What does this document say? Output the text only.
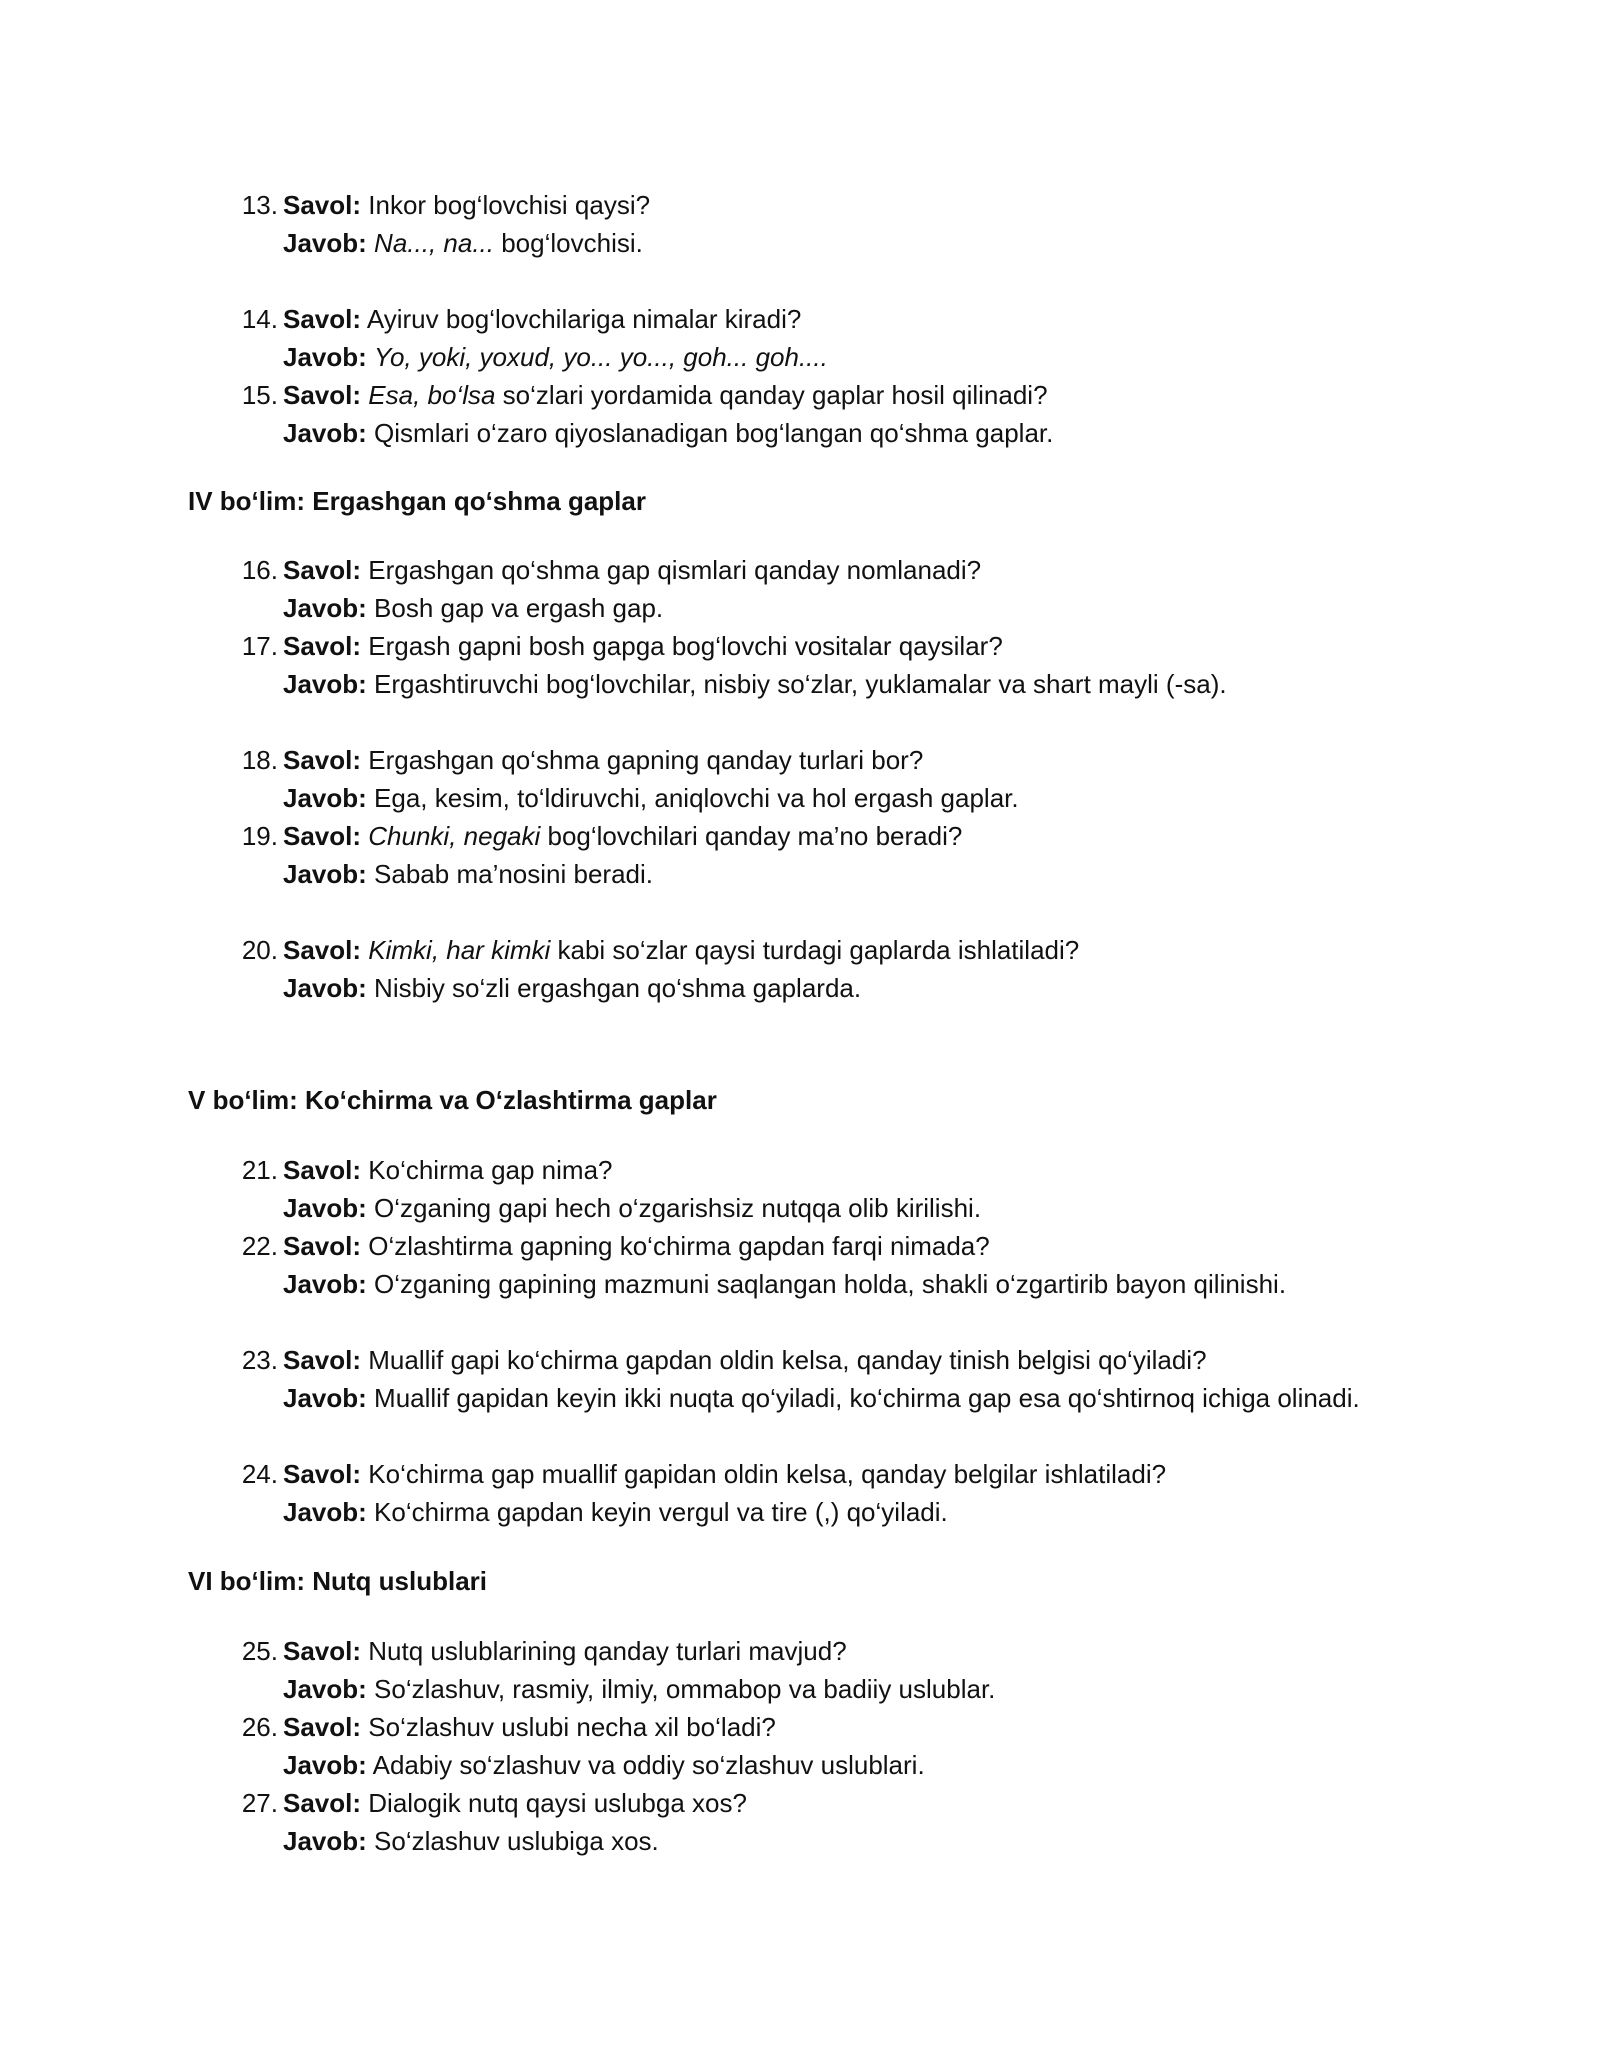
13. Savol: Inkor bog‘lovchisi qaysi?
Javob: Na..., na... bog‘lovchisi.
14. Savol: Ayiruv bog‘lovchilariga nimalar kiradi?
Javob: Yo, yoki, yoxud, yo... yo..., goh... goh....
15. Savol: Esa, bo‘lsa so‘zlari yordamida qanday gaplar hosil qilinadi?
Javob: Qismlari o‘zaro qiyoslanadigan bog‘langan qo‘shma gaplar.
IV bo‘lim: Ergashgan qo‘shma gaplar
16. Savol: Ergashgan qo‘shma gap qismlari qanday nomlanadi?
Javob: Bosh gap va ergash gap.
17. Savol: Ergash gapni bosh gapga bog‘lovchi vositalar qaysilar?
Javob: Ergashtiruvchi bog‘lovchilar, nisbiy so‘zlar, yuklamalar va shart mayli (-sa).
18. Savol: Ergashgan qo‘shma gapning qanday turlari bor?
Javob: Ega, kesim, to‘ldiruvchi, aniqlovchi va hol ergash gaplar.
19. Savol: Chunki, negaki bog‘lovchilari qanday ma’no beradi?
Javob: Sabab ma’nosini beradi.
20. Savol: Kimki, har kimki kabi so‘zlar qaysi turdagi gaplarda ishlatiladi?
Javob: Nisbiy so‘zli ergashgan qo‘shma gaplarda.
V bo‘lim: Ko‘chirma va O‘zlashtirma gaplar
21. Savol: Ko‘chirma gap nima?
Javob: O‘zganing gapi hech o‘zgarishsiz nutqqa olib kirilishi.
22. Savol: O‘zlashtirma gapning ko‘chirma gapdan farqi nimada?
Javob: O‘zganing gapining mazmuni saqlangan holda, shakli o‘zgartirib bayon qilinishi.
23. Savol: Muallif gapi ko‘chirma gapdan oldin kelsa, qanday tinish belgisi qo‘yiladi?
Javob: Muallif gapidan keyin ikki nuqta qo‘yiladi, ko‘chirma gap esa qo‘shtirnoq ichiga olinadi.
24. Savol: Ko‘chirma gap muallif gapidan oldin kelsa, qanday belgilar ishlatiladi?
Javob: Ko‘chirma gapdan keyin vergul va tire (,) qo‘yiladi.
VI bo‘lim: Nutq uslublari
25. Savol: Nutq uslublarining qanday turlari mavjud?
Javob: So‘zlashuv, rasmiy, ilmiy, ommabop va badiiy uslublar.
26. Savol: So‘zlashuv uslubi necha xil bo‘ladi?
Javob: Adabiy so‘zlashuv va oddiy so‘zlashuv uslublari.
27. Savol: Dialogik nutq qaysi uslubga xos?
Javob: So‘zlashuv uslubiga xos.
